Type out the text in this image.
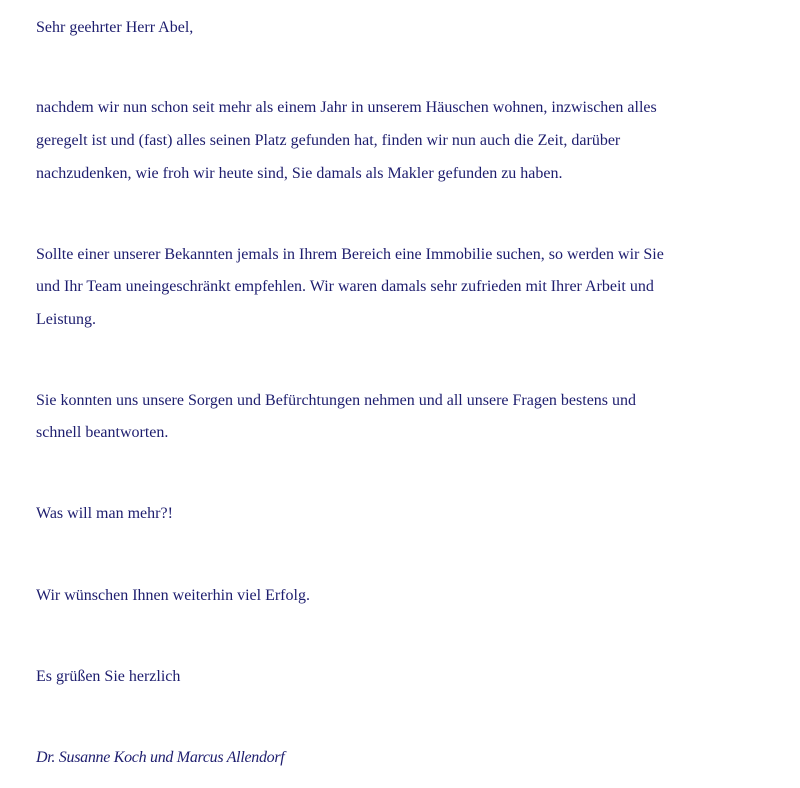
Sehr geehrter Herr Abel,
nachdem wir nun schon seit mehr als einem Jahr in unserem Häuschen wohnen, inzwischen alles
geregelt ist und (fast) alles seinen Platz gefunden hat, finden wir nun auch die Zeit, darüber
nachzudenken, wie froh wir heute sind, Sie damals als Makler gefunden zu haben.
Sollte einer unserer Bekannten jemals in Ihrem Bereich eine Immobilie suchen, so werden wir Sie
und Ihr Team uneingeschränkt empfehlen. Wir waren damals sehr zufrieden mit Ihrer Arbeit und
Leistung.
Sie konnten uns unsere Sorgen und Befürchtungen nehmen und all unsere Fragen bestens und
schnell beantworten.
Was will man mehr?!
Wir wünschen Ihnen weiterhin viel Erfolg.
Es grüßen Sie herzlich
Dr. Susanne Koch und Marcus Allendorf
